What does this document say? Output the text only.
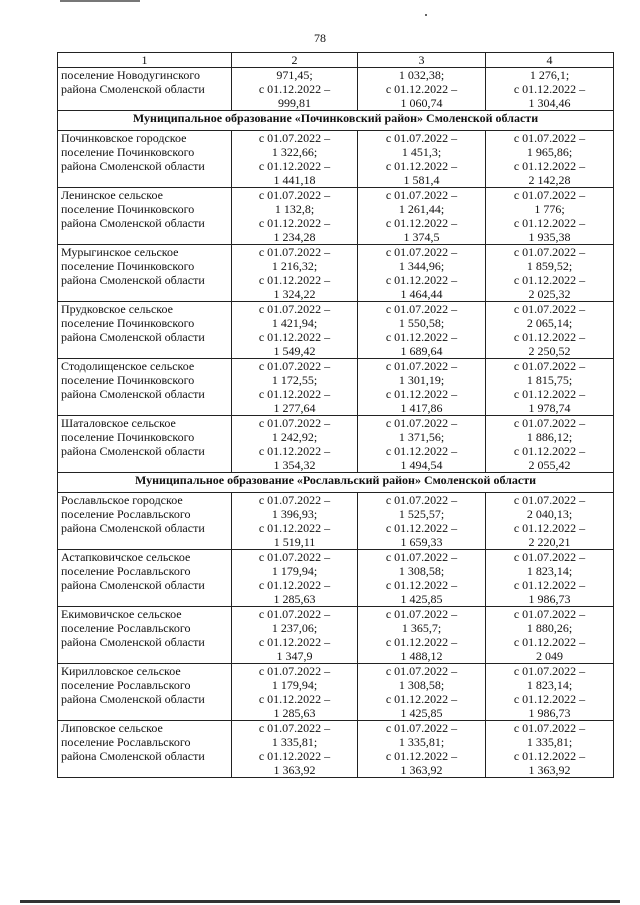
78
1	2	3	4

поселение Новодугинского
района Смоленской области	971,45;
с 01.12.2022 –
999,81	1 032,38;
с 01.12.2022 –
1 060,74	1 276,1;
с 01.12.2022 –
1 304,46

Муниципальное образование «Починковский район» Смоленской области			

Починковское городское
поселение Починковского
района Смоленской области	с 01.07.2022 –
1 322,66;
с 01.12.2022 –
1 441,18	с 01.07.2022 –
1 451,3;
с 01.12.2022 –
1 581,4	с 01.07.2022 –
1 965,86;
с 01.12.2022 –
2 142,28

Ленинское сельское
поселение Починковского
района Смоленской области	с 01.07.2022 –
1 132,8;
с 01.12.2022 –
1 234,28	с 01.07.2022 –
1 261,44;
с 01.12.2022 –
1 374,5	с 01.07.2022 –
1 776;
с 01.12.2022 –
1 935,38

Мурыгинское сельское
поселение Починковского
района Смоленской области	с 01.07.2022 –
1 216,32;
с 01.12.2022 –
1 324,22	с 01.07.2022 –
1 344,96;
с 01.12.2022 –
1 464,44	с 01.07.2022 –
1 859,52;
с 01.12.2022 –
2 025,32

Прудковское сельское
поселение Починковского
района Смоленской области	с 01.07.2022 –
1 421,94;
с 01.12.2022 –
1 549,42	с 01.07.2022 –
1 550,58;
с 01.12.2022 –
1 689,64	с 01.07.2022 –
2 065,14;
с 01.12.2022 –
2 250,52

Стодолищенское сельское
поселение Починковского
района Смоленской области	с 01.07.2022 –
1 172,55;
с 01.12.2022 –
1 277,64	с 01.07.2022 –
1 301,19;
с 01.12.2022 –
1 417,86	с 01.07.2022 –
1 815,75;
с 01.12.2022 –
1 978,74

Шаталовское сельское
поселение Починковского
района Смоленской области	с 01.07.2022 –
1 242,92;
с 01.12.2022 –
1 354,32	с 01.07.2022 –
1 371,56;
с 01.12.2022 –
1 494,54	с 01.07.2022 –
1 886,12;
с 01.12.2022 –
2 055,42

Муниципальное образование «Рославльский район» Смоленской области			

Рославльское городское
поселение Рославльского
района Смоленской области	с 01.07.2022 –
1 396,93;
с 01.12.2022 –
1 519,11	с 01.07.2022 –
1 525,57;
с 01.12.2022 –
1 659,33	с 01.07.2022 –
2 040,13;
с 01.12.2022 –
2 220,21

Астапковичское сельское
поселение Рославльского
района Смоленской области	с 01.07.2022 –
1 179,94;
с 01.12.2022 –
1 285,63	с 01.07.2022 –
1 308,58;
с 01.12.2022 –
1 425,85	с 01.07.2022 –
1 823,14;
с 01.12.2022 –
1 986,73

Екимовичское сельское
поселение Рославльского
района Смоленской области	с 01.07.2022 –
1 237,06;
с 01.12.2022 –
1 347,9	с 01.07.2022 –
1 365,7;
с 01.12.2022 –
1 488,12	с 01.07.2022 –
1 880,26;
с 01.12.2022 –
2 049

Кирилловское сельское
поселение Рославльского
района Смоленской области	с 01.07.2022 –
1 179,94;
с 01.12.2022 –
1 285,63	с 01.07.2022 –
1 308,58;
с 01.12.2022 –
1 425,85	с 01.07.2022 –
1 823,14;
с 01.12.2022 –
1 986,73

Липовское сельское
поселение Рославльского
района Смоленской области	с 01.07.2022 –
1 335,81;
с 01.12.2022 –
1 363,92	с 01.07.2022 –
1 335,81;
с 01.12.2022 –
1 363,92	с 01.07.2022 –
1 335,81;
с 01.12.2022 –
1 363,92
